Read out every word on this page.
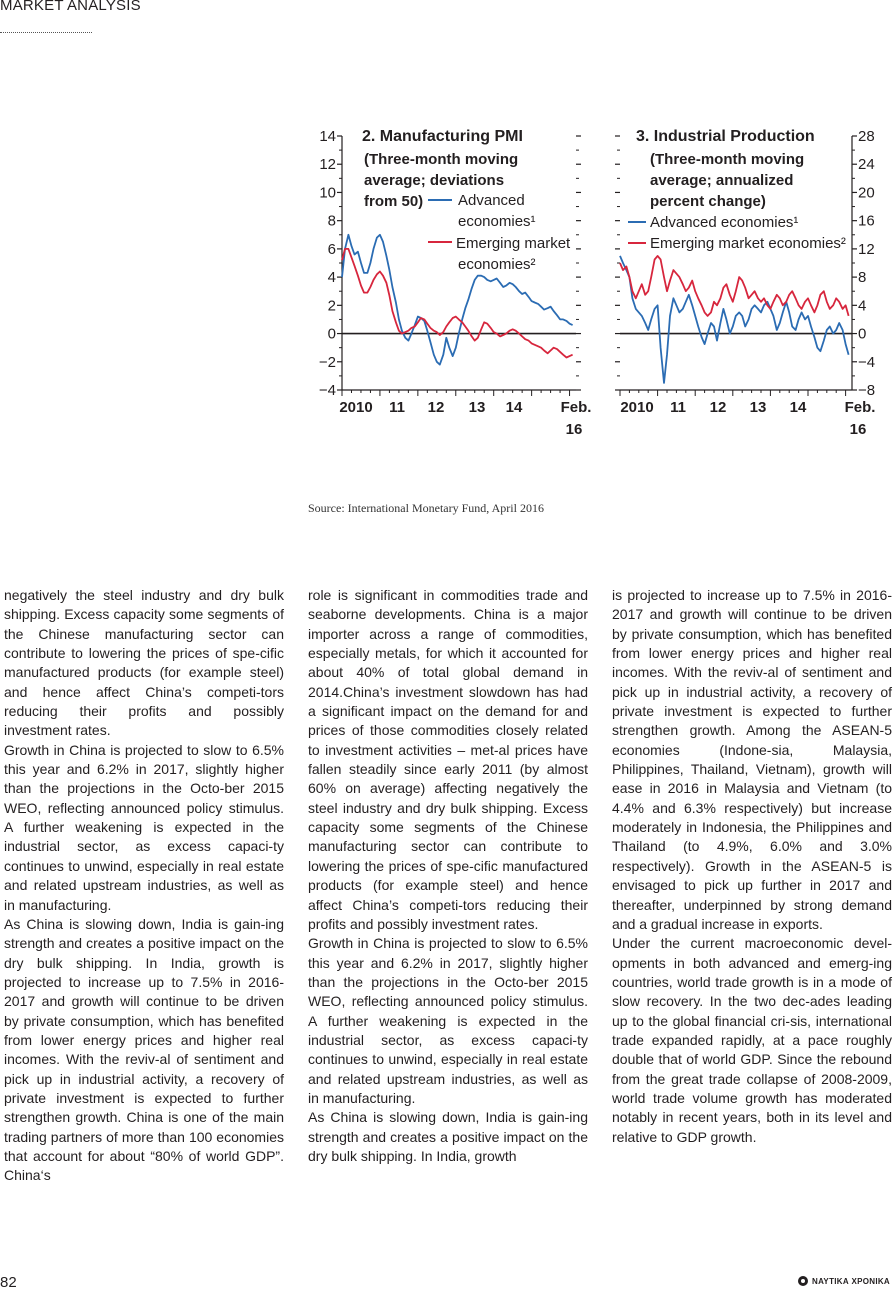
MARKET ANALYSIS
−4
−2
0
2
4
6
8
10
12
14
2010 11 12 13 14	Feb.
16
2. Manufacturing PMI
(Three-month moving
average; deviations
from 50) Advanced
economies¹
Emerging market
economies²
−8
−4
0
4
8
12
16
20
24
28
2010 11 12 13 14	Feb.
16
3. Industrial Production
(Three-month moving
average; annualized
percent change)
Advanced economies¹
Emerging market economies²
Source: International Monetary Fund, April 2016

negatively the steel industry and dry bulk shipping. Excess capacity some segments of the Chinese manufacturing sector can contribute to lowering the prices of spe-cific manufactured products (for example steel) and hence affect China’s competi-tors reducing their profits and possibly investment rates.

Growth in China is projected to slow to 6.5% this year and 6.2% in 2017, slightly higher than the projections in the Octo-ber 2015 WEO, reflecting announced policy stimulus. A further weakening is expected in the industrial sector, as excess capaci-ty continues to unwind, especially in real estate and related upstream industries, as well as in manufacturing.

As China is slowing down, India is gain-ing strength and creates a positive impact on the dry bulk shipping. In India, growth is projected to increase up to 7.5% in 2016-2017 and growth will continue to be driven by private consumption, which has benefited from lower energy prices and higher real incomes. With the reviv-al of sentiment and pick up in industrial activity, a recovery of private investment is expected to further strengthen growth. China is one of the main trading partners of more than 100 economies that account for about “80% of world GDP”. China‘s

role is significant in commodities trade and seaborne developments. China is a major importer across a range of commodities, especially metals, for which it accounted for about 40% of total global demand in 2014.China’s investment slowdown has had a significant impact on the demand for and prices of those commodities closely related to investment activities – met-al prices have fallen steadily since early 2011 (by almost 60% on average) affecting negatively the steel industry and dry bulk shipping. Excess capacity some segments of the Chinese manufacturing sector can contribute to lowering the prices of spe-cific manufactured products (for example steel) and hence affect China’s competi-tors reducing their profits and possibly investment rates.

Growth in China is projected to slow to 6.5% this year and 6.2% in 2017, slightly higher than the projections in the Octo-ber 2015 WEO, reflecting announced policy stimulus. A further weakening is expected in the industrial sector, as excess capaci-ty continues to unwind, especially in real estate and related upstream industries, as well as in manufacturing.

As China is slowing down, India is gain-ing strength and creates a positive impact on the dry bulk shipping. In India, growth

is projected to increase up to 7.5% in 2016-2017 and growth will continue to be driven by private consumption, which has benefited from lower energy prices and higher real incomes. With the reviv-al of sentiment and pick up in industrial activity, a recovery of private investment is expected to further strengthen growth. Among the ASEAN-5 economies (Indone-sia, Malaysia, Philippines, Thailand, Vietnam), growth will ease in 2016 in Malaysia and Vietnam (to 4.4% and 6.3% respectively) but increase moderately in Indonesia, the Philippines and Thailand (to 4.9%, 6.0% and 3.0% respectively). Growth in the ASEAN-5 is envisaged to pick up further in 2017 and thereafter, underpinned by strong demand and a gradual increase in exports.

Under the current macroeconomic devel-opments in both advanced and emerg-ing countries, world trade growth is in a mode of slow recovery. In the two dec-ades leading up to the global financial cri-sis, international trade expanded rapidly, at a pace roughly double that of world GDP. Since the rebound from the great trade collapse of 2008-2009, world trade volume growth has moderated notably in recent years, both in its level and relative to GDP growth.

82	ΝΑΥΤΙΚΑ ΧΡΟΝΙΚΑ
